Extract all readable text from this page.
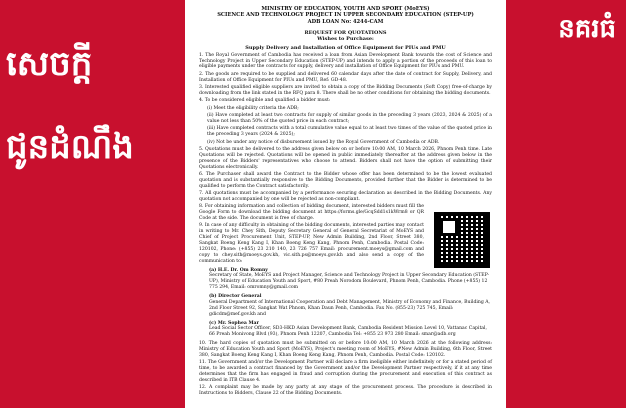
នគរធំ
សេចក្តី
ជូនដំណឹង
MINISTRY OF EDUCATION, YOUTH AND SPORT (MoEYS)
SCIENCE AND TECHNOLOGY PROJECT IN UPPER SECONDARY EDUCATION (STEP-UP)
ADB LOAN No: 4244-CAM
REQUEST FOR QUOTATIONS
Wishes to Purchase:
Supply Delivery and Installation of Office Equipment for PIUs and PMU
1. The Royal Government of Cambodia has received a loan from Asian Development Bank towards the cost of Science and Technology Project in Upper Secondary Education (STEP-UP) and intends to apply a portion of the proceeds of this loan to eligible payments under the contracts for supply, delivery and installation of Office Equipment for PIUs and PMU.
2. The goods are required to be supplied and delivered 60 calendar days after the date of contract for Supply, Delivery, and Installation of Office Equipment for PIUs and PMU, Ref: GD-48.
3. Interested qualified eligible suppliers are invited to obtain a copy of the Bidding Documents (Soft Copy) free-of-charge by downloading from the link stated in the RFQ para 8. There shall be no other conditions for obtaining the bidding documents.
4. To be considered eligible and qualified a bidder must:
(i) Meet the eligibility criteria the ADB;
(ii) Have completed at least two contracts for supply of similar goods in the preceding 3 years (2023, 2024 & 2025) of a value not less than 50% of the quoted price in each contract;
(iii) Have completed contracts with a total cumulative value equal to at least two times of the value of the quoted price in the preceding 3 years (2024 & 2025);
(iv) Not be under any notice of disbursement issued by the Royal Government of Cambodia or ADB.
5. Quotations must be delivered to the address given below on or before 10:00 AM, 10 March 2026, Phnom Penh time. Late Quotations will be rejected. Quotations will be opened in public immediately thereafter at the address given below in the presence of the Bidders' representatives who choose to attend. Bidders shall not have the option of submitting their Quotations electronically.
6. The Purchaser shall award the Contract to the Bidder whose offer has been determined to be the lowest evaluated quotation and is substantially responsive to the Bidding Documents, provided further that the Bidder is determined to be qualified to perform the Contract satisfactorily.
7. All quotations must be accompanied by a performance securing declaration as described in the Bidding Documents. Any quotation not accompanied by one will be rejected as non-compliant.
8. For obtaining information and collection of bidding document, interested bidders must fill the Google Form to download the bidding document at https://forms.gle/GcqSdd1s1kWrm8 or QR Code at the side. The document is free of charge.
9. In case of any difficulty in obtaining of the bidding documents, interested parties may contact in writing to Mr. Chey Sith, Deputy Secretary General of General Secretariat of MoEYS and Chief of Project Procurement Unit, STEP-UP, New Admin Building, 2nd Floor, Street 380, Sangkat Boeng Keng Kang I, Khan Boeng Keng Kang, Phnom Penh, Cambodia. Postal Code: 120102, Phone: (+855) 23 210 140, 23 726 757 Email: procurement.moeys@gmail.com and copy to chey.sith@moeys.gov.kh, vic.sith.ps@moeys.gov.kh and also send a copy of the communication to:
(a) H.E. Dr. Om Romny
Secretary of State, MoEYS and Project Manager, Science and Technology Project in Upper Secondary Education (STEP-UP), Ministry of Education Youth and Sport, #80 Preah Norodom Boulevard, Phnom Penh, Cambodia. Phone (+855) 12 775 294, Email: omromny@gmail.com
(b) Director General
General Department of International Cooperation and Debt Management, Ministry of Economy and Finance, Building A, 2nd Floor Street 92, Sangkat Wat Phnom, Khan Daun Penh, Cambodia. Fax No. (855-23) 725 745, Email: gdicdm@mef.gov.kh and
(c) Mr. Sophea Mar
Lead Social Sector Officer, SD3-HKD Asian Development Bank, Cambodia Resident Mission Level 10, Vattanac Capital, 66 Preah Monivong Blvd (93), Phnom Penh 12207, Cambodia Tel: +855 23 973 280 Email: smar@adb.org
10. The hard copies of quotation must be submitted on or before 10:00 AM, 10 March 2026 at the following address: Ministry of Education Youth and Sport (MoEYS), Project's meeting room of MoEYS, #New Admin Building, 6th Floor, Street 380, Sangkat Boeng Keng Kang I, Khan Boeng Keng Kang, Phnom Penh, Cambodia. Postal Code: 120102.
11. The Government and/or the Development Partner will declare a firm ineligible either indefinitely or for a stated period of time, to be awarded a contract financed by the Government and/or the Development Partner respectively, if it at any time determines that the firm has engaged in fraud and corruption during the procurement and execution of this contract as described in ITB Clause 4.
12. A complaint may be made by any party at any stage of the procurement process. The procedure is described in Instructions to Bidders, Clause 22 of the Bidding Documents.
